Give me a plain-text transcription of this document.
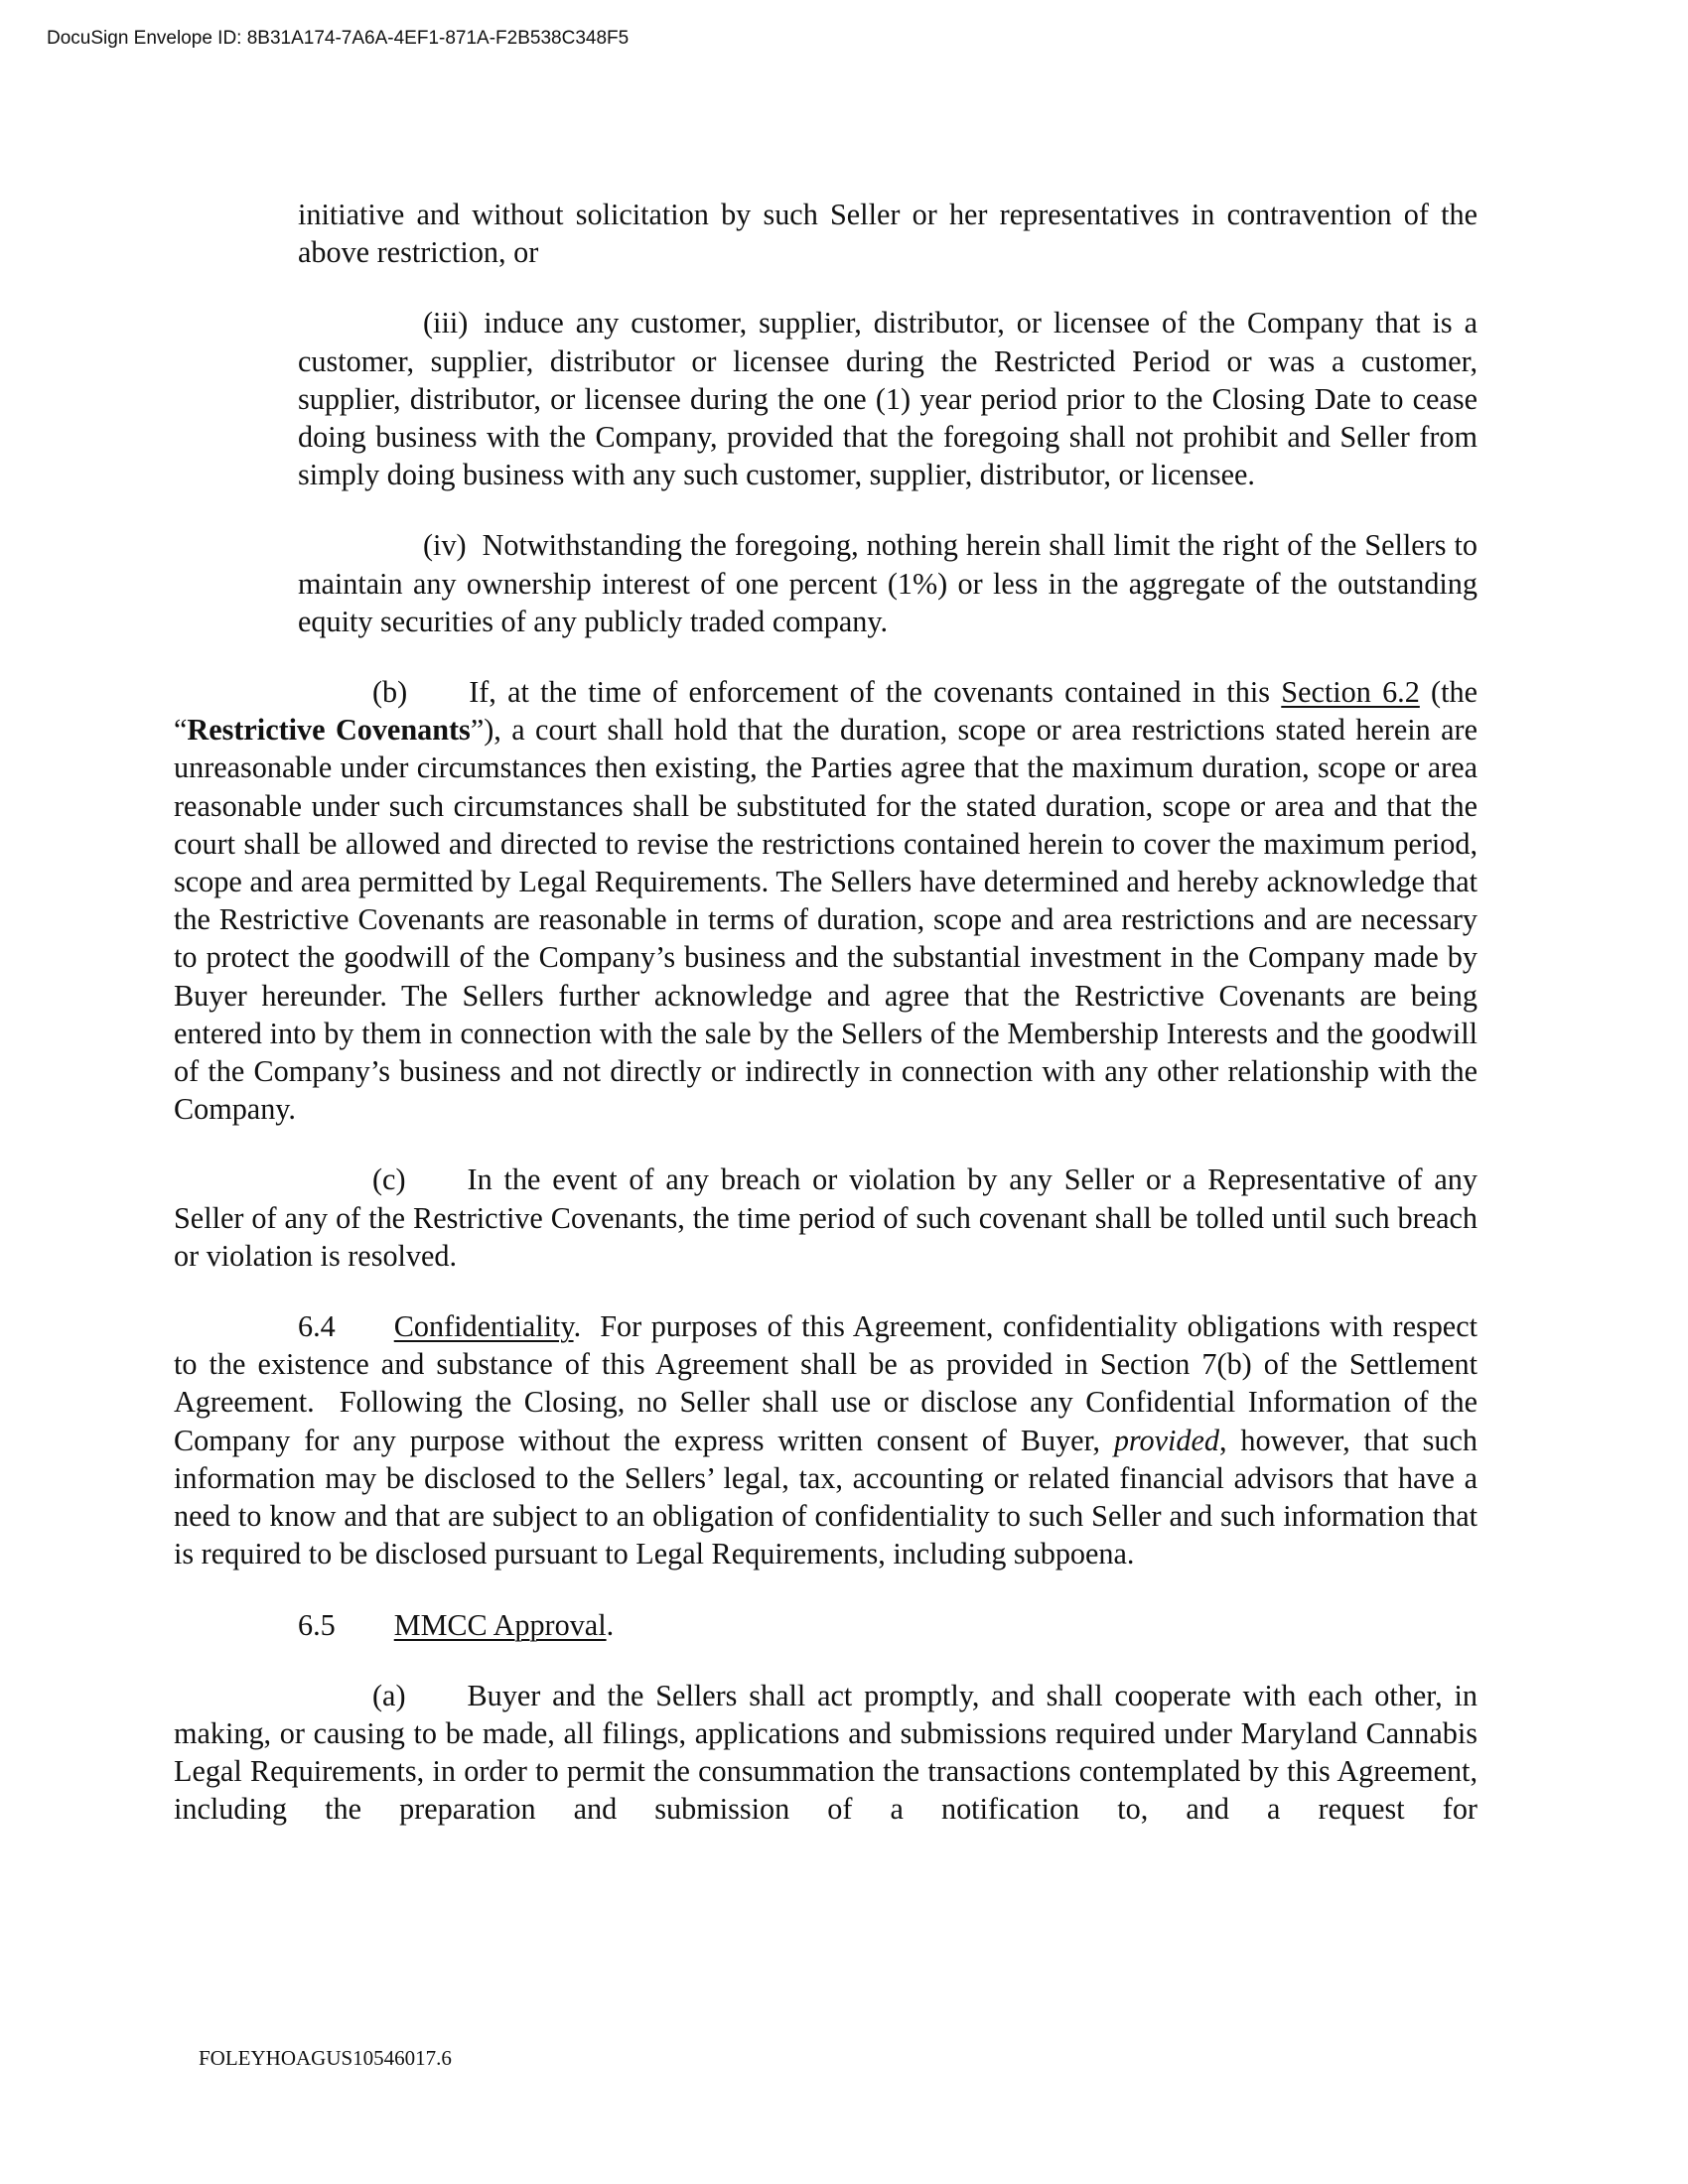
DocuSign Envelope ID: 8B31A174-7A6A-4EF1-871A-F2B538C348F5

initiative and without solicitation by such Seller or her representatives in contravention of the above restriction, or

(iii) induce any customer, supplier, distributor, or licensee of the Company that is a customer, supplier, distributor or licensee during the Restricted Period or was a customer, supplier, distributor, or licensee during the one (1) year period prior to the Closing Date to cease doing business with the Company, provided that the foregoing shall not prohibit and Seller from simply doing business with any such customer, supplier, distributor, or licensee.

(iv) Notwithstanding the foregoing, nothing herein shall limit the right of the Sellers to maintain any ownership interest of one percent (1%) or less in the aggregate of the outstanding equity securities of any publicly traded company.

(b) If, at the time of enforcement of the covenants contained in this Section 6.2 (the “Restrictive Covenants”), a court shall hold that the duration, scope or area restrictions stated herein are unreasonable under circumstances then existing, the Parties agree that the maximum duration, scope or area reasonable under such circumstances shall be substituted for the stated duration, scope or area and that the court shall be allowed and directed to revise the restrictions contained herein to cover the maximum period, scope and area permitted by Legal Requirements. The Sellers have determined and hereby acknowledge that the Restrictive Covenants are reasonable in terms of duration, scope and area restrictions and are necessary to protect the goodwill of the Company’s business and the substantial investment in the Company made by Buyer hereunder. The Sellers further acknowledge and agree that the Restrictive Covenants are being entered into by them in connection with the sale by the Sellers of the Membership Interests and the goodwill of the Company’s business and not directly or indirectly in connection with any other relationship with the Company.

(c) In the event of any breach or violation by any Seller or a Representative of any Seller of any of the Restrictive Covenants, the time period of such covenant shall be tolled until such breach or violation is resolved.

6.4 Confidentiality.  For purposes of this Agreement, confidentiality obligations with respect to the existence and substance of this Agreement shall be as provided in Section 7(b) of the Settlement Agreement.  Following the Closing, no Seller shall use or disclose any Confidential Information of the Company for any purpose without the express written consent of Buyer, provided, however, that such information may be disclosed to the Sellers’ legal, tax, accounting or related financial advisors that have a need to know and that are subject to an obligation of confidentiality to such Seller and such information that is required to be disclosed pursuant to Legal Requirements, including subpoena.

6.5 MMCC Approval.

(a) Buyer and the Sellers shall act promptly, and shall cooperate with each other, in making, or causing to be made, all filings, applications and submissions required under Maryland Cannabis Legal Requirements, in order to permit the consummation the transactions contemplated by this Agreement, including the preparation and submission of a notification to, and a request for

FOLEYHOAGUS10546017.6
